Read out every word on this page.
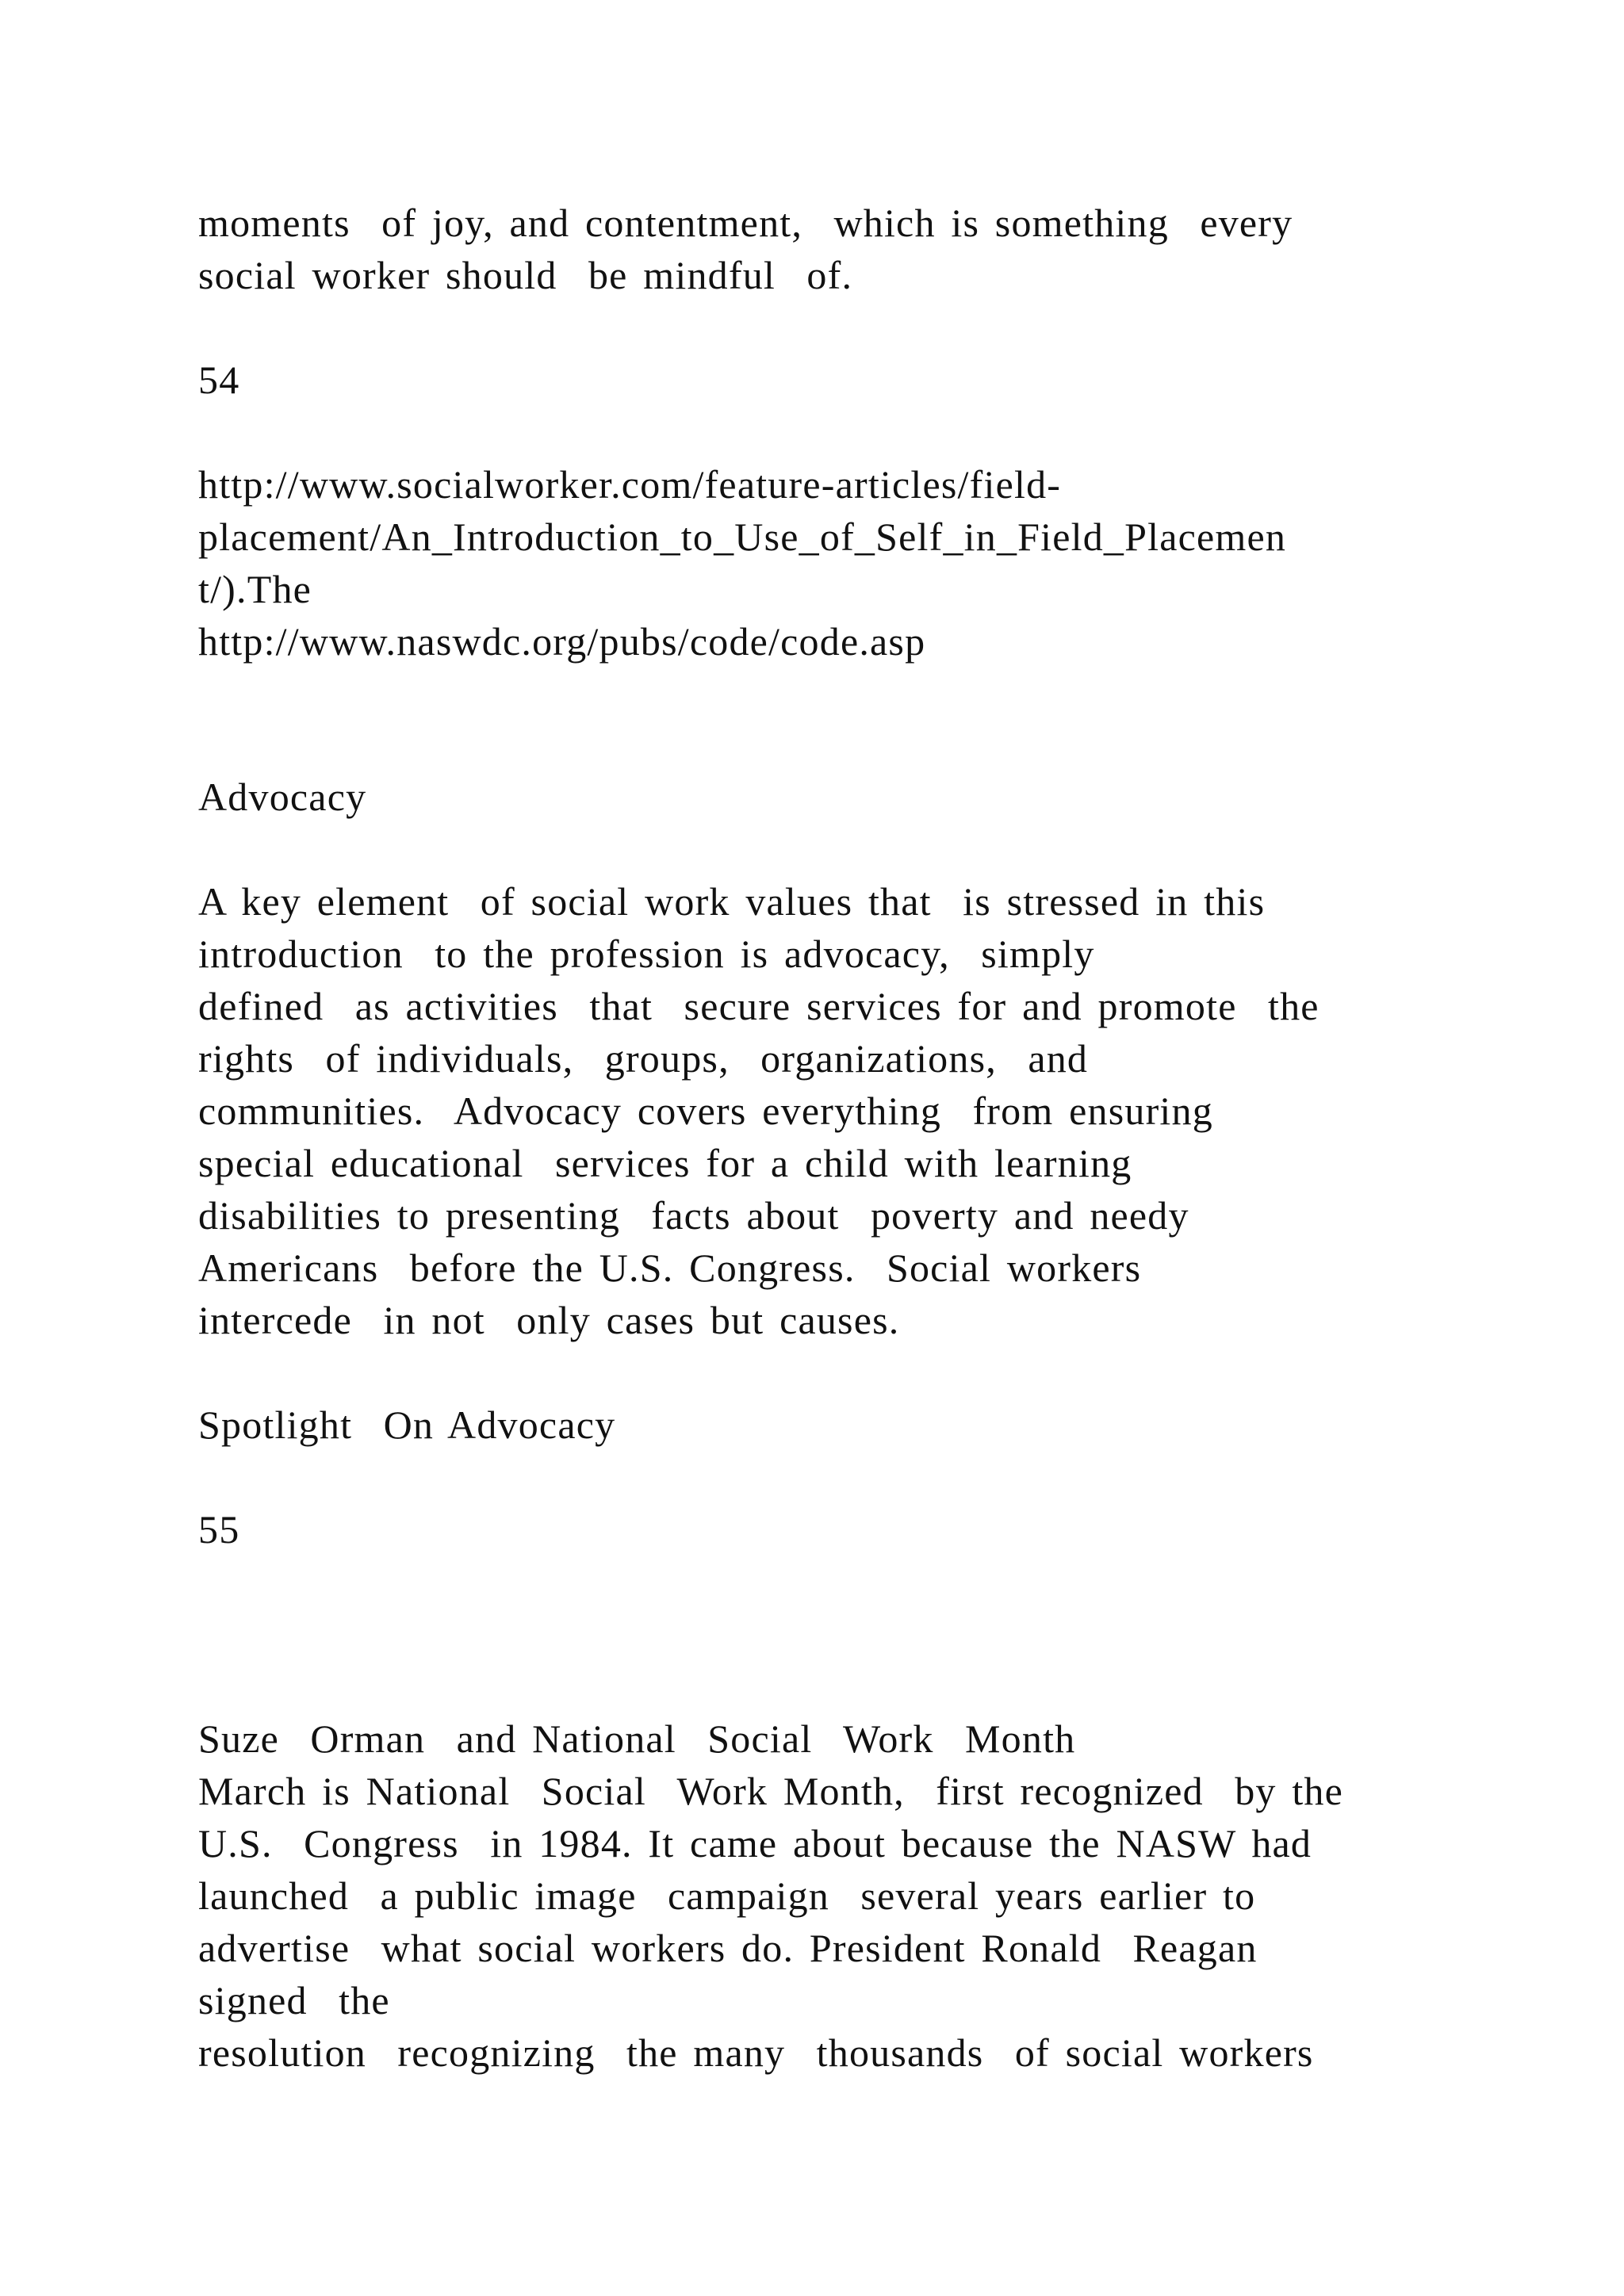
moments  of joy, and contentment,  which is something  every
social worker should  be mindful  of.
54
http://www.socialworker.com/feature-articles/field-
placement/An_Introduction_to_Use_of_Self_in_Field_Placemen
t/).The
http://www.naswdc.org/pubs/code/code.asp
Advocacy
A key element  of social work values that  is stressed in this
introduction  to the profession is advocacy,  simply
defined  as activities  that  secure services for and promote  the
rights  of individuals,  groups,  organizations,  and
communities.  Advocacy covers everything  from ensuring
special educational  services for a child with learning
disabilities to presenting  facts about  poverty and needy
Americans  before the U.S. Congress.  Social workers
intercede  in not  only cases but causes.
Spotlight  On Advocacy
55
Suze  Orman  and National  Social  Work  Month
March is National  Social  Work Month,  first recognized  by the
U.S.  Congress  in 1984. It came about because the NASW had
launched  a public image  campaign  several years earlier to
advertise  what social workers do. President Ronald  Reagan
signed  the
resolution  recognizing  the many  thousands  of social workers
